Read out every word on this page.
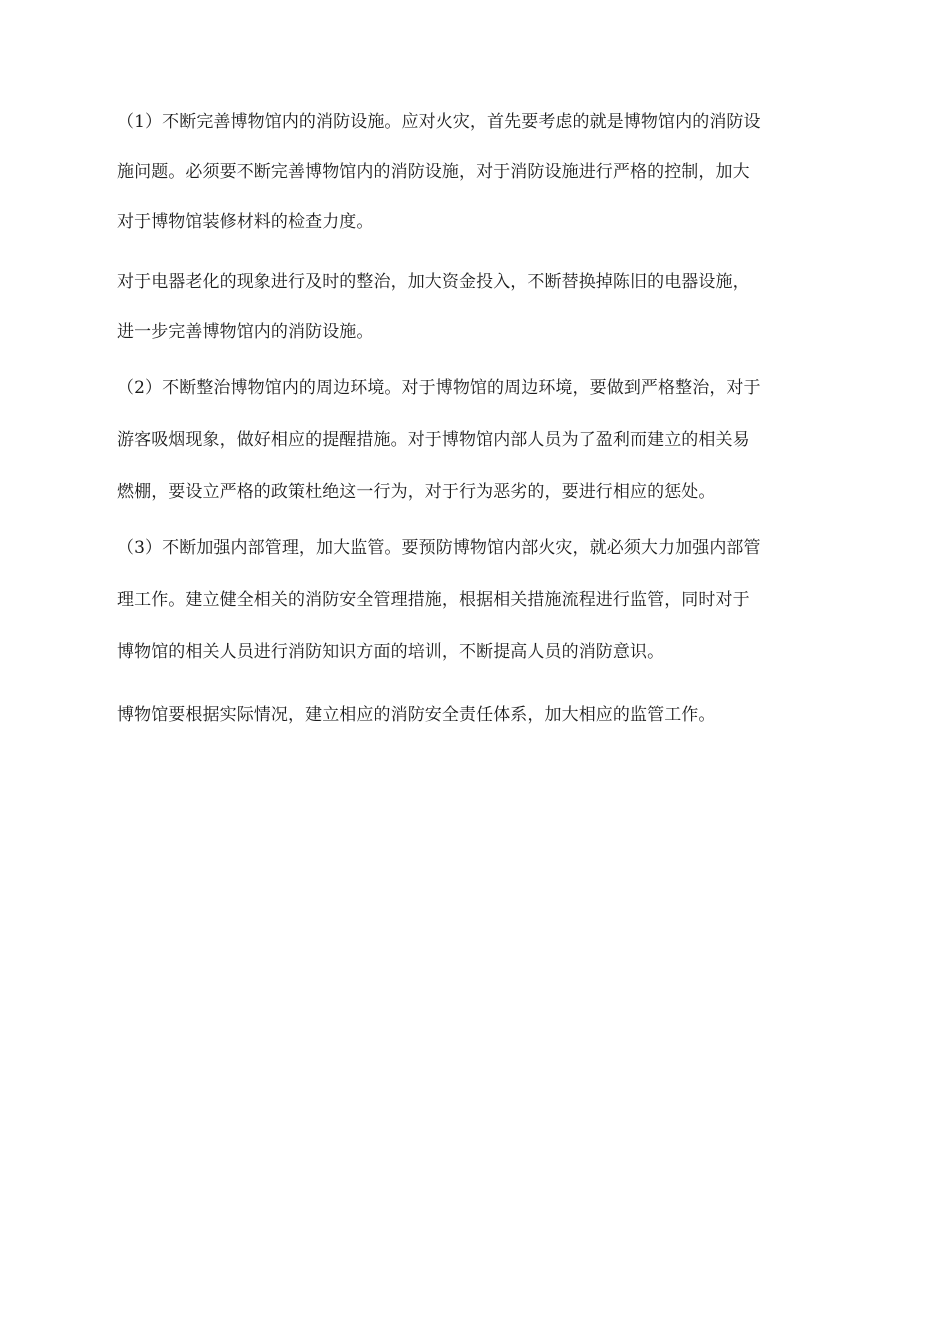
（1）不断完善博物馆内的消防设施。应对火灾，首先要考虑的就是博物馆内的消防设
施问题。必须要不断完善博物馆内的消防设施，对于消防设施进行严格的控制，加大
对于博物馆装修材料的检查力度。
对于电器老化的现象进行及时的整治，加大资金投入，不断替换掉陈旧的电器设施，
进一步完善博物馆内的消防设施。
（2）不断整治博物馆内的周边环境。对于博物馆的周边环境，要做到严格整治，对于
游客吸烟现象，做好相应的提醒措施。对于博物馆内部人员为了盈利而建立的相关易
燃棚，要设立严格的政策杜绝这一行为，对于行为恶劣的，要进行相应的惩处。
（3）不断加强内部管理，加大监管。要预防博物馆内部火灾，就必须大力加强内部管
理工作。建立健全相关的消防安全管理措施，根据相关措施流程进行监管，同时对于
博物馆的相关人员进行消防知识方面的培训，不断提高人员的消防意识。
博物馆要根据实际情况，建立相应的消防安全责任体系，加大相应的监管工作。
